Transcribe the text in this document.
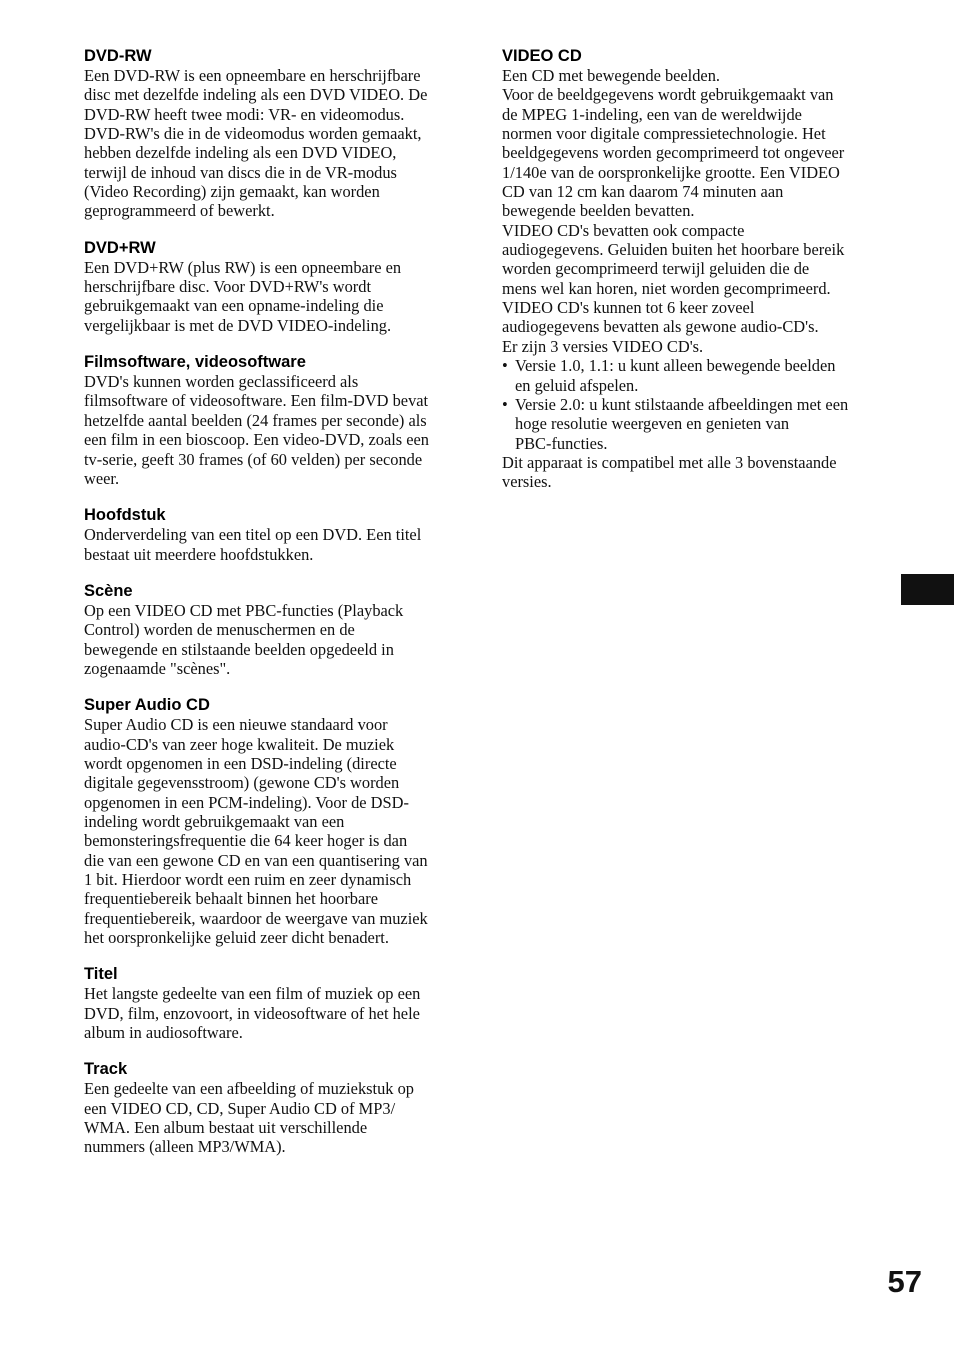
DVD-RW
Een DVD-RW is een opneembare en herschrijfbare
disc met dezelfde indeling als een DVD VIDEO. De
DVD-RW heeft twee modi: VR- en videomodus.
DVD-RW's die in de videomodus worden gemaakt,
hebben dezelfde indeling als een DVD VIDEO,
terwijl de inhoud van discs die in de VR-modus
(Video Recording) zijn gemaakt, kan worden
geprogrammeerd of bewerkt.
DVD+RW
Een DVD+RW (plus RW) is een opneembare en
herschrijfbare disc. Voor DVD+RW's wordt
gebruikgemaakt van een opname-indeling die
vergelijkbaar is met de DVD VIDEO-indeling.
Filmsoftware, videosoftware
DVD's kunnen worden geclassificeerd als
filmsoftware of videosoftware. Een film-DVD bevat
hetzelfde aantal beelden (24 frames per seconde) als
een film in een bioscoop. Een video-DVD, zoals een
tv-serie, geeft 30 frames (of 60 velden) per seconde
weer.
Hoofdstuk
Onderverdeling van een titel op een DVD. Een titel
bestaat uit meerdere hoofdstukken.
Scène
Op een VIDEO CD met PBC-functies (Playback
Control) worden de menuschermen en de
bewegende en stilstaande beelden opgedeeld in
zogenaamde "scènes".
Super Audio CD
Super Audio CD is een nieuwe standaard voor
audio-CD's van zeer hoge kwaliteit. De muziek
wordt opgenomen in een DSD-indeling (directe
digitale gegevensstroom) (gewone CD's worden
opgenomen in een PCM-indeling). Voor de DSD-
indeling wordt gebruikgemaakt van een
bemonsteringsfrequentie die 64 keer hoger is dan
die van een gewone CD en van een quantisering van
1 bit. Hierdoor wordt een ruim en zeer dynamisch
frequentiebereik behaalt binnen het hoorbare
frequentiebereik, waardoor de weergave van muziek
het oorspronkelijke geluid zeer dicht benadert.
Titel
Het langste gedeelte van een film of muziek op een
DVD, film, enzovoort, in videosoftware of het hele
album in audiosoftware.
Track
Een gedeelte van een afbeelding of muziekstuk op
een VIDEO CD, CD, Super Audio CD of MP3/
WMA. Een album bestaat uit verschillende
nummers (alleen MP3/WMA).
VIDEO CD
Een CD met bewegende beelden.
Voor de beeldgegevens wordt gebruikgemaakt van
de MPEG 1-indeling, een van de wereldwijde
normen voor digitale compressietechnologie. Het
beeldgegevens worden gecomprimeerd tot ongeveer
1/140e van de oorspronkelijke grootte. Een VIDEO
CD van 12 cm kan daarom 74 minuten aan
bewegende beelden bevatten.
VIDEO CD's bevatten ook compacte
audiogegevens. Geluiden buiten het hoorbare bereik
worden gecomprimeerd terwijl geluiden die de
mens wel kan horen, niet worden gecomprimeerd.
VIDEO CD's kunnen tot 6 keer zoveel
audiogegevens bevatten als gewone audio-CD's.
Er zijn 3 versies VIDEO CD's.
• Versie 1.0, 1.1: u kunt alleen bewegende beelden
en geluid afspelen.
• Versie 2.0: u kunt stilstaande afbeeldingen met een
hoge resolutie weergeven en genieten van
PBC-functies.
Dit apparaat is compatibel met alle 3 bovenstaande
versies.
57
